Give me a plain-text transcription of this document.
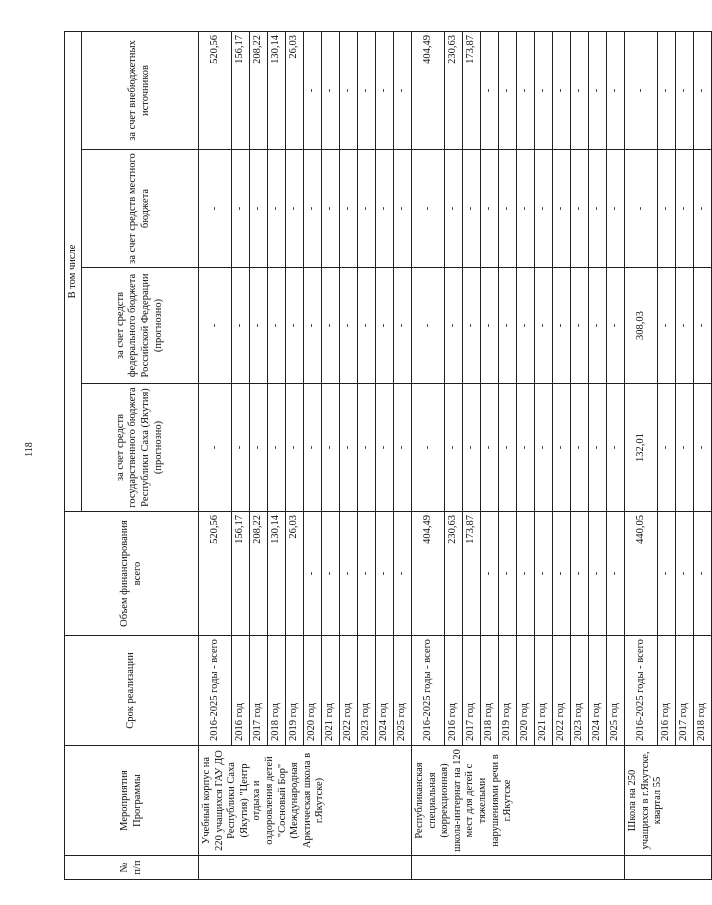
118
№ п/п	Мероприятия Программы	Срок реализации	Объем финансирования всего	В том числе			
				за счет средств государственного бюджета Республики Саха (Якутия) (прогнозно)	за счет средств федерального бюджета Российской Федерации (прогнозно)	за счет средств местного бюджета	за счет внебюджетных источников
	Учебный корпус на 220 учащихся ГАУ ДО Республики Саха (Якутия) "Центр отдыха и оздоровления детей "Сосновый Бор" (Международная Арктическая школа в г.Якутске)	2016-2025 годы - всего	520,56	-	-	-	520,56
		2016 год	156,17	-	-	-	156,17
		2017 год	208,22	-	-	-	208,22
		2018 год	130,14	-	-	-	130,14
		2019 год	26,03	-	-	-	26,03
		2020 год	-	-	-	-	-
		2021 год	-	-	-	-	-
		2022 год	-	-	-	-	-
		2023 год	-	-	-	-	-
		2024 год	-	-	-	-	-
		2025 год	-	-	-	-	-
	Республиканская специальная (коррекционная) школа-интернат на 120 мест для детей с тяжелыми нарушениями речи в г.Якутске	2016-2025 годы - всего	404,49	-	-	-	404,49
		2016 год	230,63	-	-	-	230,63
		2017 год	173,87	-	-	-	173,87
		2018 год	-	-	-	-	-
		2019 год	-	-	-	-	-
		2020 год	-	-	-	-	-
		2021 год	-	-	-	-	-
		2022 год	-	-	-	-	-
		2023 год	-	-	-	-	-
		2024 год	-	-	-	-	-
		2025 год	-	-	-	-	-
	Школа на 250 учащихся в г.Якутске, квартал 55	2016-2025 годы - всего	440,05	132,01	308,03	-	-
		2016 год	-	-	-	-	-
		2017 год	-	-	-	-	-
		2018 год	-	-	-	-	-
